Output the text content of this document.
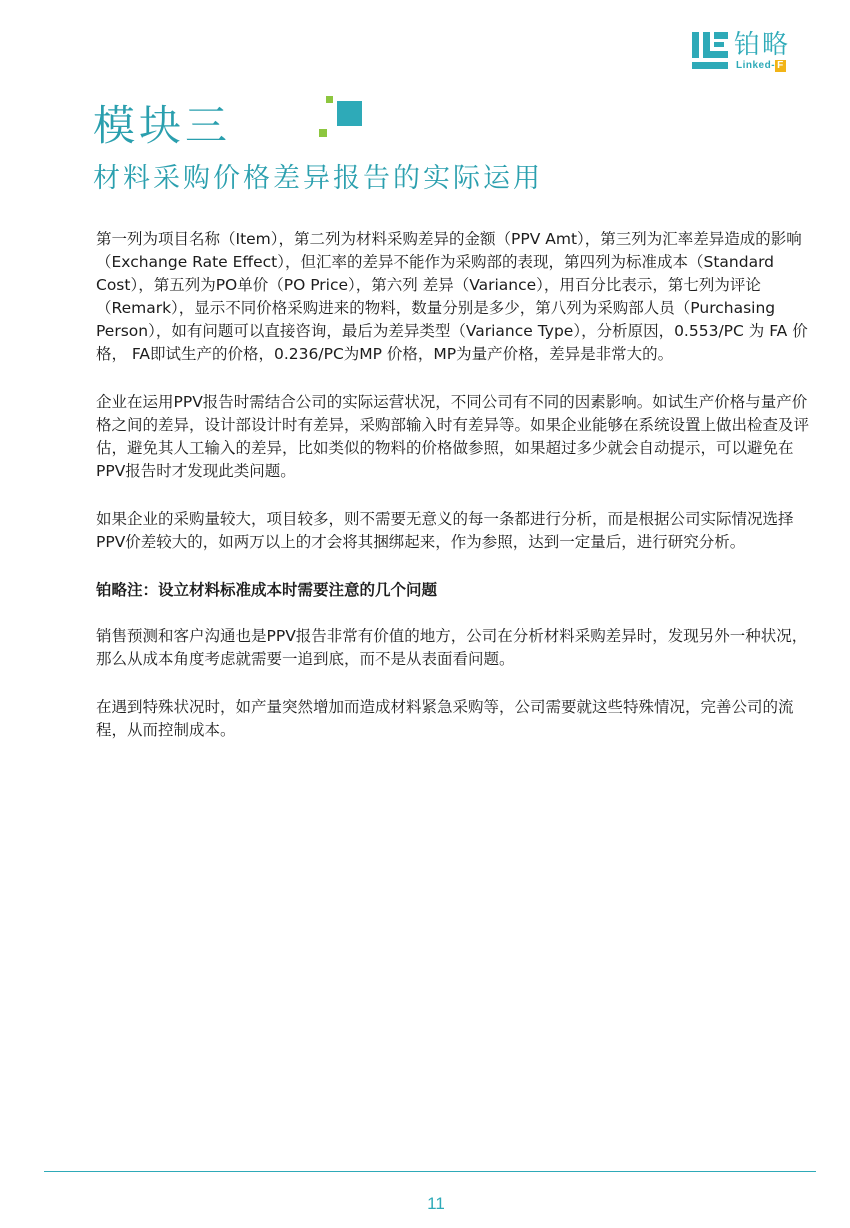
铂略
Linked- F
模块三
材料采购价格差异报告的实际运用

第一列为项目名称（Item），第二列为材料采购差异的金额（PPV Amt），第三列为汇率差异造成的影响（Exchange Rate Effect），但汇率的差异不能作为采购部的表现，第四列为标准成本（Standard Cost），第五列为PO单价（PO Price），第六列 差异（Variance），用百分比表示，第七列为评论（Remark），显示不同价格采购进来的物料，数量分别是多少，第八列为采购部人员（Purchasing Person），如有问题可以直接咨询，最后为差异类型（Variance Type），分析原因，0.553/PC 为 FA 价格， FA即试生产的价格，0.236/PC为MP 价格，MP为量产价格，差异是非常大的。

企业在运用PPV报告时需结合公司的实际运营状况，不同公司有不同的因素影响。如试生产价格与量产价格之间的差异，设计部设计时有差异，采购部输入时有差异等。如果企业能够在系统设置上做出检查及评估，避免其人工输入的差异，比如类似的物料的价格做参照，如果超过多少就会自动提示，可以避免在PPV报告时才发现此类问题。

如果企业的采购量较大，项目较多，则不需要无意义的每一条都进行分析，而是根据公司实际情况选择PPV价差较大的，如两万以上的才会将其捆绑起来，作为参照，达到一定量后，进行研究分析。

铂略注：设立材料标准成本时需要注意的几个问题

销售预测和客户沟通也是PPV报告非常有价值的地方，公司在分析材料采购差异时，发现另外一种状况，那么从成本角度考虑就需要一追到底，而不是从表面看问题。

在遇到特殊状况时，如产量突然增加而造成材料紧急采购等，公司需要就这些特殊情况，完善公司的流程，从而控制成本。

11
